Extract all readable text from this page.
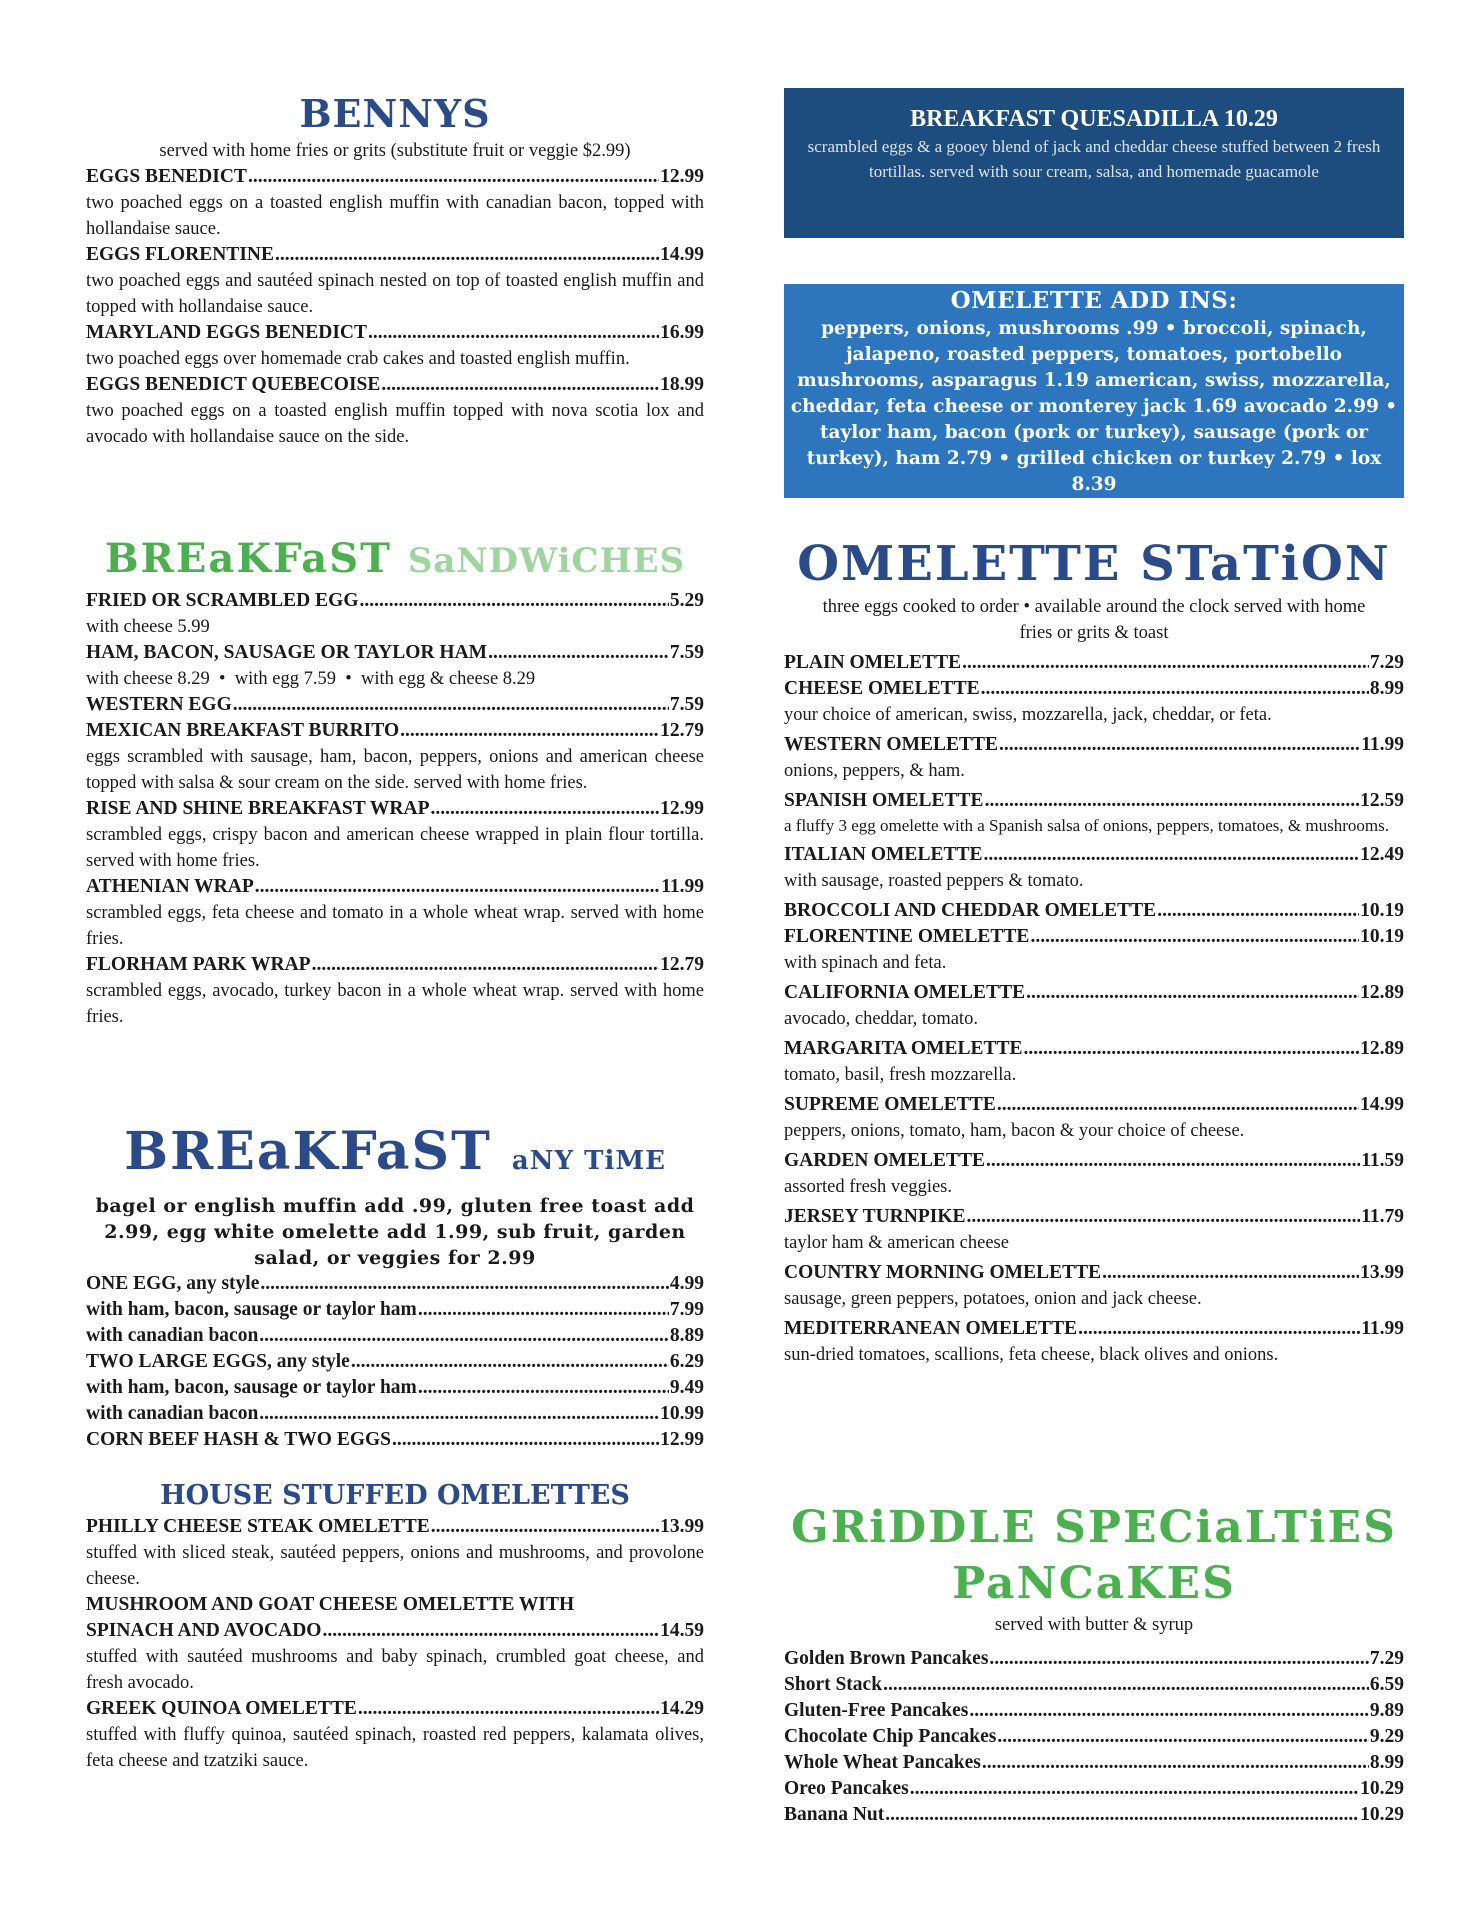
BENNYS
served with home fries or grits (substitute fruit or veggie $2.99)
EGGS BENEDICT .....	12.99
two poached eggs on a toasted english muffin with canadian bacon, topped with hollandaise sauce.
EGGS FLORENTINE .....	14.99
two poached eggs and sautéed spinach nested on top of toasted english muffin and topped with hollandaise sauce.
MARYLAND EGGS BENEDICT .....	16.99
two poached eggs over homemade crab cakes and toasted english muffin.
EGGS BENEDICT QUEBECOISE .....	18.99
two poached eggs on a toasted english muffin topped with nova scotia lox and avocado with hollandaise sauce on the side.
BREaKFaST SaNDWiCHES
FRIED OR SCRAMBLED EGG .....	5.29
with cheese 5.99
HAM, BACON, SAUSAGE OR TAYLOR HAM .....	7.59
with cheese 8.29  •  with egg 7.59  •  with egg & cheese 8.29
WESTERN EGG .....	7.59
MEXICAN BREAKFAST BURRITO .....	12.79
eggs scrambled with sausage, ham, bacon, peppers, onions and american cheese topped with salsa & sour cream on the side. served with home fries.
RISE AND SHINE BREAKFAST WRAP .....	12.99
scrambled eggs, crispy bacon and american cheese wrapped in plain flour tortilla. served with home fries.
ATHENIAN WRAP .....	11.99
scrambled eggs, feta cheese and tomato in a whole wheat wrap. served with home fries.
FLORHAM PARK WRAP .....	12.79
scrambled eggs, avocado, turkey bacon in a whole wheat wrap. served with home fries.
BREaKFaST aNY TiME
bagel or english muffin add .99, gluten free toast add 2.99, egg white omelette add 1.99, sub fruit, garden salad, or veggies for 2.99
ONE EGG, any style .....	4.99
with ham, bacon, sausage or taylor ham .....	7.99
with canadian bacon .....	8.89
TWO LARGE EGGS, any style .....	6.29
with ham, bacon, sausage or taylor ham .....	9.49
with canadian bacon .....	10.99
CORN BEEF HASH & TWO EGGS .....	12.99
HOUSE STUFFED OMELETTES
PHILLY CHEESE STEAK OMELETTE .....	13.99
stuffed with sliced steak, sautéed peppers, onions and mushrooms, and provolone cheese.
MUSHROOM AND GOAT CHEESE OMELETTE WITH
SPINACH AND AVOCADO .....	14.59
stuffed with sautéed mushrooms and baby spinach, crumbled goat cheese, and fresh avocado.
GREEK QUINOA OMELETTE .....	14.29
stuffed with fluffy quinoa, sautéed spinach, roasted red peppers, kalamata olives, feta cheese and tzatziki sauce.
BREAKFAST QUESADILLA 10.29
scrambled eggs & a gooey blend of jack and cheddar cheese stuffed between 2 fresh tortillas. served with sour cream, salsa, and homemade guacamole
OMELETTE ADD INS:
peppers, onions, mushrooms .99 • broccoli, spinach, jalapeno, roasted peppers, tomatoes, portobello mushrooms, asparagus 1.19 american, swiss, mozzarella, cheddar, feta cheese or monterey jack 1.69 avocado 2.99 • taylor ham, bacon (pork or turkey), sausage (pork or turkey), ham 2.79 • grilled chicken or turkey 2.79 • lox 8.39
OMELETTE STaTiON
three eggs cooked to order • available around the clock served with home fries or grits & toast
PLAIN OMELETTE .....	7.29
CHEESE OMELETTE .....	8.99
your choice of american, swiss, mozzarella, jack, cheddar, or feta.
WESTERN OMELETTE .....	11.99
onions, peppers, & ham.
SPANISH OMELETTE .....	12.59
a fluffy 3 egg omelette with a Spanish salsa of onions, peppers, tomatoes, & mushrooms.
ITALIAN OMELETTE .....	12.49
with sausage, roasted peppers & tomato.
BROCCOLI AND CHEDDAR OMELETTE .....	10.19
FLORENTINE OMELETTE .....	10.19
with spinach and feta.
CALIFORNIA OMELETTE .....	12.89
avocado, cheddar, tomato.
MARGARITA OMELETTE .....	12.89
tomato, basil, fresh mozzarella.
SUPREME OMELETTE .....	14.99
peppers, onions, tomato, ham, bacon & your choice of cheese.
GARDEN OMELETTE .....	11.59
assorted fresh veggies.
JERSEY TURNPIKE .....	11.79
taylor ham & american cheese
COUNTRY MORNING OMELETTE .....	13.99
sausage, green peppers, potatoes, onion and jack cheese.
MEDITERRANEAN OMELETTE .....	11.99
sun-dried tomatoes, scallions, feta cheese, black olives and onions.
GRiDDLE SPECiaLTiES
PaNCaKES
served with butter & syrup
Golden Brown Pancakes .....	7.29
Short Stack .....	6.59
Gluten-Free Pancakes .....	9.89
Chocolate Chip Pancakes .....	9.29
Whole Wheat Pancakes .....	8.99
Oreo Pancakes .....	10.29
Banana Nut .....	10.29
